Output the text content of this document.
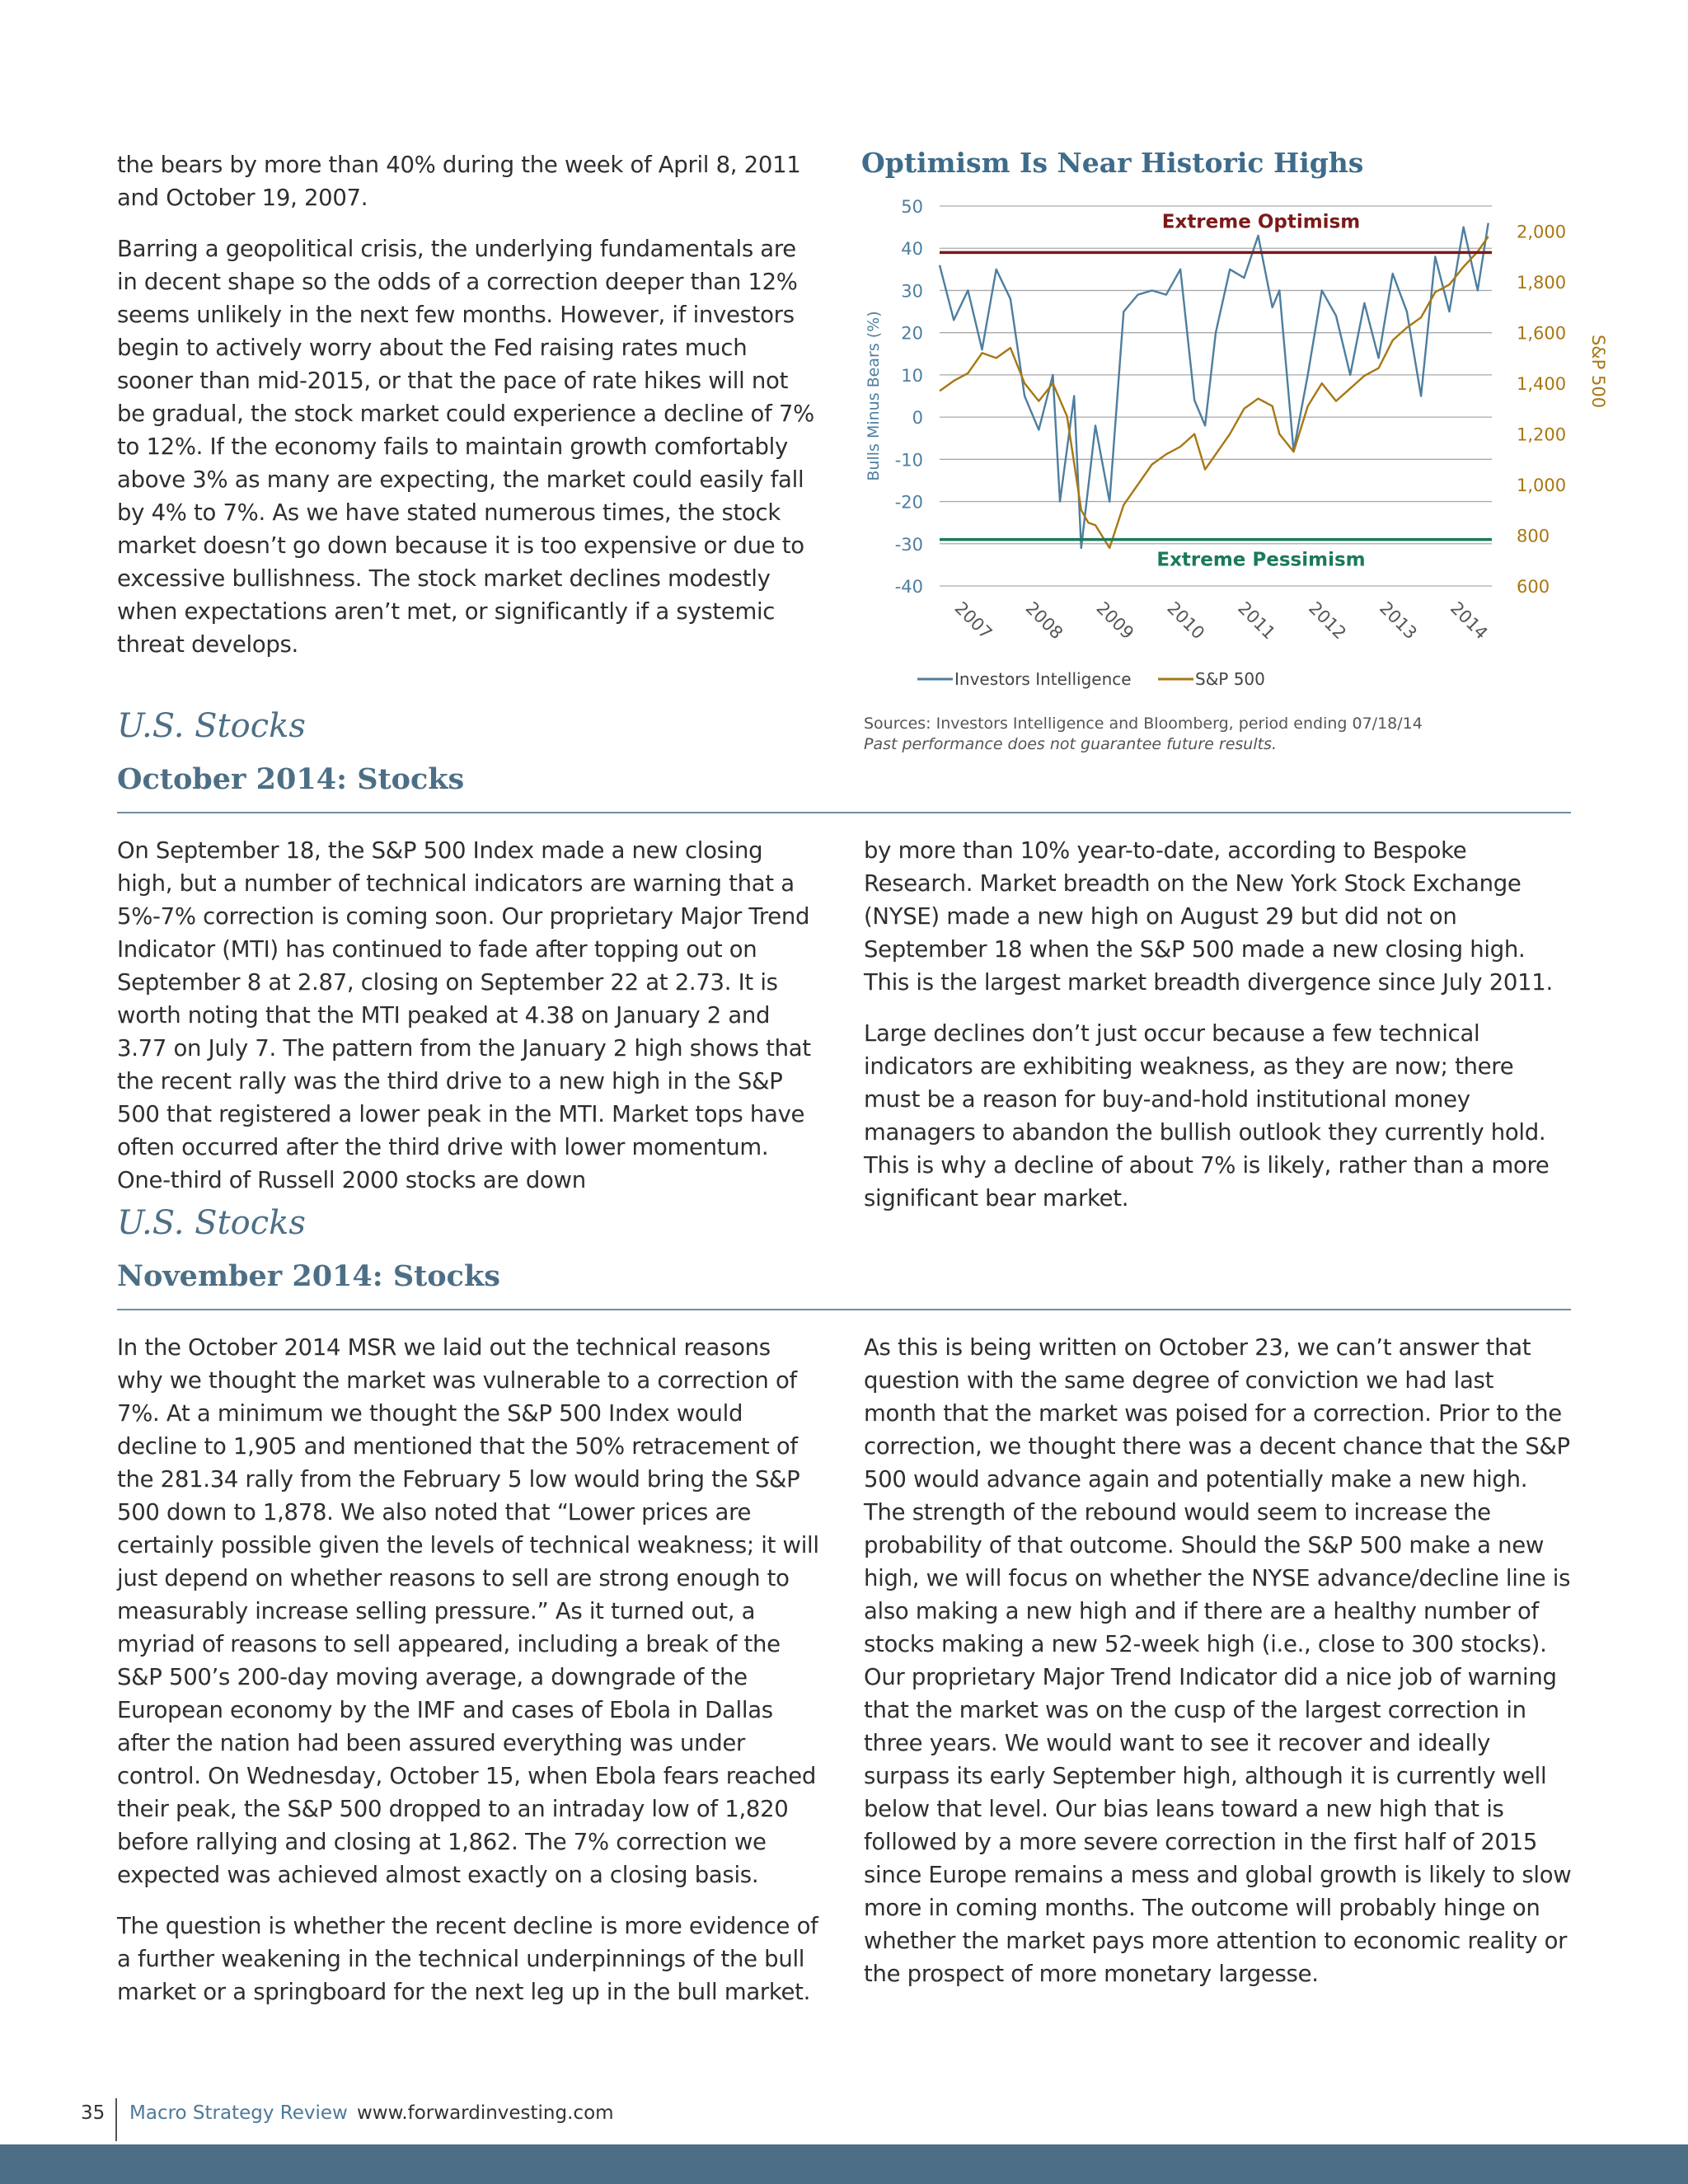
the bears by more than 40% during the week of April 8, 2011 and October 19, 2007.

Barring a geopolitical crisis, the underlying fundamentals are in decent shape so the odds of a correction deeper than 12% seems unlikely in the next few months. However, if investors begin to actively worry about the Fed raising rates much sooner than mid-2015, or that the pace of rate hikes will not be gradual, the stock market could experience a decline of 7% to 12%. If the economy fails to maintain growth comfortably above 3% as many are expecting, the market could easily fall by 4% to 7%. As we have stated numerous times, the stock market doesn’t go down because it is too expensive or due to excessive bullishness. The stock market declines modestly when expectations aren’t met, or significantly if a systemic threat develops.

Optimism Is Near Historic Highs
50
40
30
20
10
0
-10
-20
-30
-40
2,000
1,800
1,600
1,400
1,200
1,000
800
600
2007 2008 2009 2010 2011 2012 2013 2014
Bulls Minus Bears (%)	S&P 500
Extreme Optimism
Extreme Pessimism
Investors Intelligence	S&P 500
Sources: Investors Intelligence and Bloomberg, period ending 07/18/14
Past performance does not guarantee future results.
U.S. Stocks
October 2014: Stocks

On September 18, the S&P 500 Index made a new closing high, but a number of technical indicators are warning that a 5%-7% correction is coming soon. Our proprietary Major Trend Indicator (MTI) has continued to fade after topping out on September 8 at 2.87, closing on September 22 at 2.73. It is worth noting that the MTI peaked at 4.38 on January 2 and 3.77 on July 7. The pattern from the January 2 high shows that the recent rally was the third drive to a new high in the S&P 500 that registered a lower peak in the MTI. Market tops have often occurred after the third drive with lower momentum. One-third of Russell 2000 stocks are down

by more than 10% year-to-date, according to Bespoke Research. Market breadth on the New York Stock Exchange (NYSE) made a new high on August 29 but did not on September 18 when the S&P 500 made a new closing high. This is the largest market breadth divergence since July 2011.

Large declines don’t just occur because a few technical indicators are exhibiting weakness, as they are now; there must be a reason for buy-and-hold institutional money managers to abandon the bullish outlook they currently hold. This is why a decline of about 7% is likely, rather than a more significant bear market.

U.S. Stocks
November 2014: Stocks

In the October 2014 MSR we laid out the technical reasons why we thought the market was vulnerable to a correction of 7%. At a minimum we thought the S&P 500 Index would decline to 1,905 and mentioned that the 50% retracement of the 281.34 rally from the February 5 low would bring the S&P 500 down to 1,878. We also noted that “Lower prices are certainly possible given the levels of technical weakness; it will just depend on whether reasons to sell are strong enough to measurably increase selling pressure.” As it turned out, a myriad of reasons to sell appeared, including a break of the S&P 500’s 200-day moving average, a downgrade of the European economy by the IMF and cases of Ebola in Dallas after the nation had been assured everything was under control. On Wednesday, October 15, when Ebola fears reached their peak, the S&P 500 dropped to an intraday low of 1,820 before rallying and closing at 1,862. The 7% correction we expected was achieved almost exactly on a closing basis.

The question is whether the recent decline is more evidence of a further weakening in the technical underpinnings of the bull market or a springboard for the next leg up in the bull market.

As this is being written on October 23, we can’t answer that question with the same degree of conviction we had last month that the market was poised for a correction. Prior to the correction, we thought there was a decent chance that the S&P 500 would advance again and potentially make a new high. The strength of the rebound would seem to increase the probability of that outcome. Should the S&P 500 make a new high, we will focus on whether the NYSE advance/decline line is also making a new high and if there are a healthy number of stocks making a new 52-week high (i.e., close to 300 stocks). Our proprietary Major Trend Indicator did a nice job of warning that the market was on the cusp of the largest correction in three years. We would want to see it recover and ideally surpass its early September high, although it is currently well below that level. Our bias leans toward a new high that is followed by a more severe correction in the first half of 2015 since Europe remains a mess and global growth is likely to slow more in coming months. The outcome will probably hinge on whether the market pays more attention to economic reality or the prospect of more monetary largesse.

35 Macro Strategy Review www.forwardinvesting.com
